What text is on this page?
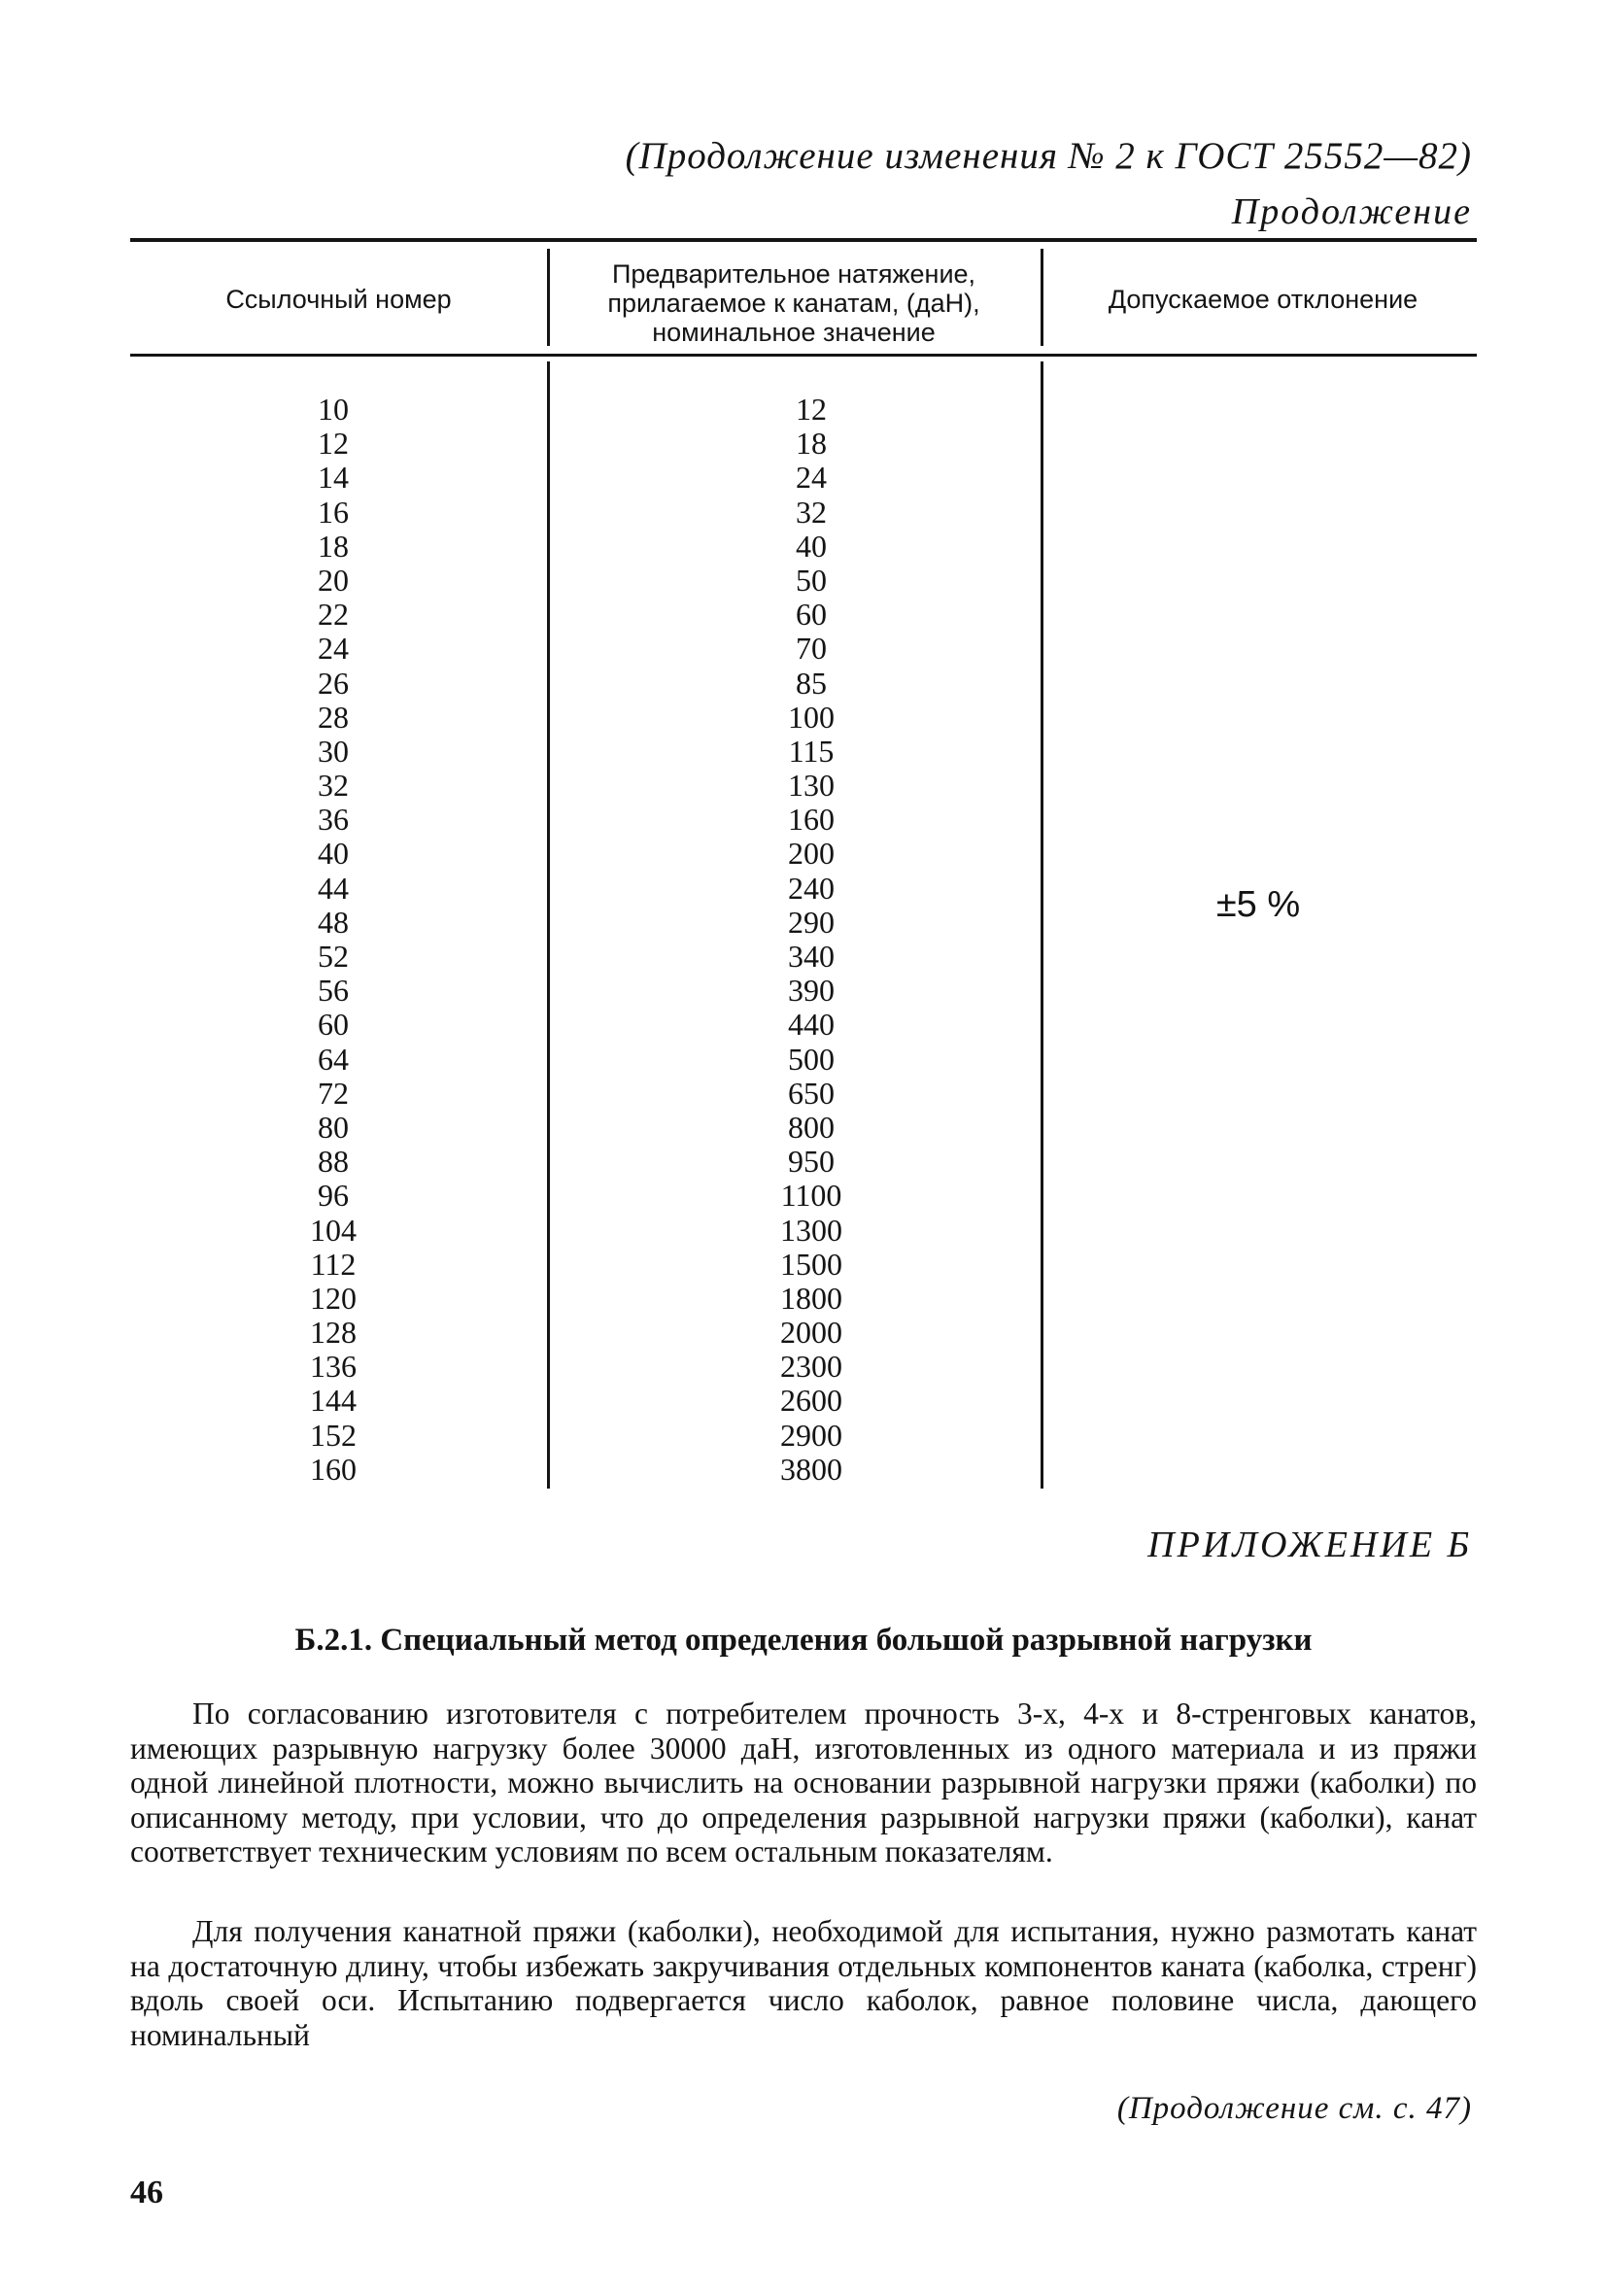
(Продолжение изменения № 2 к ГОСТ 25552—82)
Продолжение
Ссылочный номер
Предварительное натяжение, прилагаемое к канатам, (даН), номинальное значение
Допускаемое отклонение
10
12
14
16
18
20
22
24
26
28
30
32
36
40
44
48
52
56
60
64
72
80
88
96
104
112
120
128
136
144
152
160
12
18
24
32
40
50
60
70
85
100
115
130
160
200
240
290
340
390
440
500
650
800
950
1100
1300
1500
1800
2000
2300
2600
2900
3800
±5 %
ПРИЛОЖЕНИЕ Б
Б.2.1. Специальный метод определения большой разрывной нагрузки

По согласованию изготовителя с потребителем прочность 3-х, 4-х и 8-стренговых канатов, имеющих разрывную нагрузку более 30000 даН, изготовленных из одного материала и из пряжи одной линейной плотности, можно вычислить на основании разрывной нагрузки пряжи (каболки) по описанному методу, при условии, что до определения разрывной нагрузки пряжи (каболки), канат соответствует техническим условиям по всем остальным показателям.

Для получения канатной пряжи (каболки), необходимой для испытания, нужно размотать канат на достаточную длину, чтобы избежать закручивания отдельных компонентов каната (каболка, стренг) вдоль своей оси. Испытанию подвергается число каболок, равное половине числа, дающего номинальный

(Продолжение см. с. 47)
46
